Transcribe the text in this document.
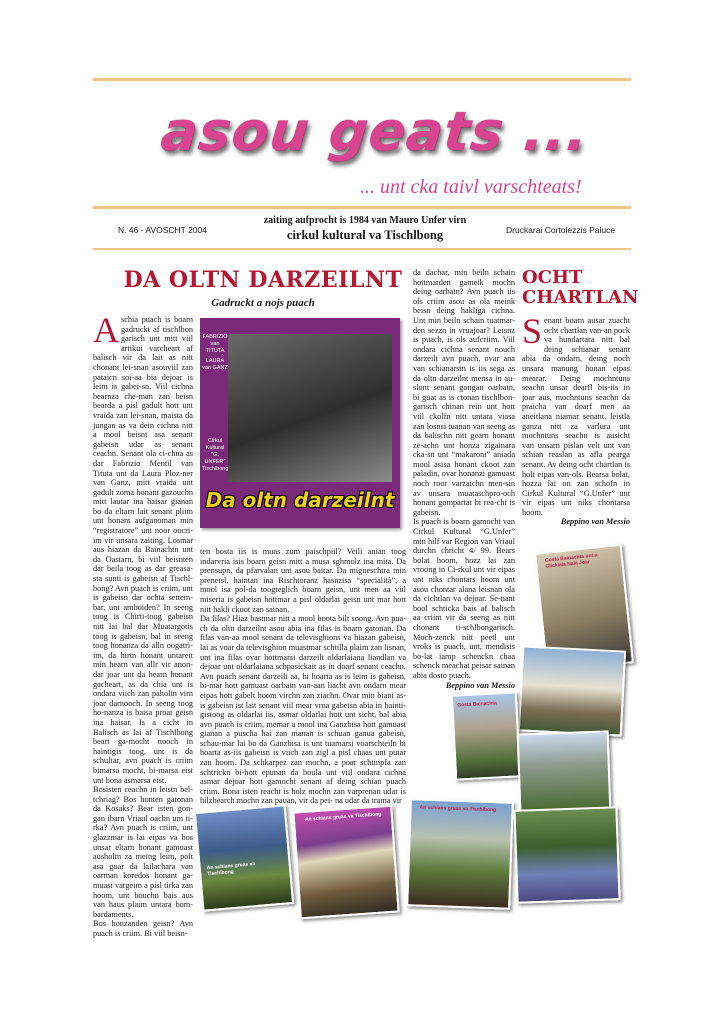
asou geats ...
... unt cka taivl varschteats!
N. 46 - AVOSCHT 2004
zaiting aufprocht is 1984 van Mauro Unfer virn
cirkul kultural va Tischlbong	Druckarai Cortolezzis Paluce
DA OLTN DARZEILNT
Gadruckt a nojs puach
A schia puach is boarn gadruckt af tischlbon garisch unt mitt viil artikui varcheart af balisch vir da lait as nitt chonant lei-snan asouviil zan pataicn soi-aa bia dejoar is leim is gabei-sn. Viil cichna bearnza che-man zan beisn bearda a pisl gadult hott unt vraida zan lei-snan, maista da jungan as va dein cichna nitt a mool beisnt asa senant gabeisn udar as senant ceachn. Senant ola ci-chna as dar Fabrizio Mentil van Tituta unt da Laura Ploz-ner van Ganz, mitt vraida unt gadult zoma honant gazouchn mitt lautar ina haisar gianan bo da eltarn lait senant pliim unt honant aufganoman min “registratore” unt noor oocri-im vir unsara zaiting. Losmar aus hiazan da Bainachtn unt da Oastarn, bi viil beisnten dar beila toog as dar greasa-sta sunti is gabeisn af Tischl-bong? Avn puach is criim, unt is gabeisn dar ochta settem-bar, unt amboiden? In seeng toog is Chirti-toog gabeisn nitt lai bal dar Muatargotis toog is gabeisn, bal in seeng toog honanza da alln oogatri-im, da hirtn honant untareit min hearn van allr vir anon-dar joar unt da hearn honant gacheart, as da chia unt is ondara viich zan paholtn virn joar darnooch. In seeng toog ho-nanza is baisa proat geisn ina haisar. Is a cicht in Balisch as lai af Tischlbong beart ga-mocht nooch in haintigis toog, unt is da schultar, avn puach is criim bimarsa mocht, bi-marsa eist unt bona asmarsa eist.

Bosisten ceachn in leistn bel-tchriag? Bos honten gatonan da Kosaks? Bear isten gon-gan ibarn Vriaul oachn um ti-rka? Avn puach is criim, unt glazzmar is lai eipas va bos unsar eltarn honant gamuast ausholtn za meing leim, polt asa goar da lailachara van oarman koredos honant ga-muast vargeim a pisl tirka zan hoom, unt bouchn bais aus van haus plaim untara bom-bardaments.

Bos honzanden geisn? Avn puach is criim. Bi viil beisn-

FABRIZIO van TITUTA
LAURA van GANZ
Cirkul Kultural "G. UNFER" Tischlbong
Da oltn darzeilnt

ten bosta iis is muas zum paischpiil? Veili anian toog indarvria isis boarn geisn mitt a musa sghmolz ina mita. Da prensupn, da pfarvalan unt asou baitar. Da migneschtra min preneisl, haintan ina Rischtoranz hasnzisa “specialità”, a mool isa pol-da toogteglich boarn geisn, unt men aa viil miseria is gabeisn hottmar a pisl oldarlai geisn unt mar hott nitt hakli ckoot zan sainan.

Da filas? Hiaz bastmar nitt a mool boota bilt soong. Avn pua-ch da oltn darzeilnt asou abia ina filas is boarn gatonan. Da filas van-aa mool senant da televisghions va hiazan gabeisn, lai as voar da televisghion muastmar schtilla plaim zan lisnan, unt ina filas ovar hottmarsi darzeilt oldarlaiana liandlan va dejoar unt oldarlaiana schpasickait as in doarf senant ceachn. Avn puach senant darzeilt aa, bi hoarta as is leim is gabeisn, bi-mar hott gamuast oarbatn van-aan liacht avn ondarn mear eipas hott gabelt hoom virchn zan ziachn. Ovar min biani as-is gabeisn ist lait senant viil mear vroa gabeisn abia in hainti-gistoog as oldarlai iis, asmar oldarlai hott unt sicht, bal abia avn puach is criim, memar a mool ina Ganzbisa hott gamuast gianan a puscha hai zan manan is schuan ganua gabeisn, schau-mar lai bo da Ganzbisa is unt tuamarsi voarschteiln bi hoarta as-iis gabeisn is viich zan zigl a pisl chaas unt putar zan hoom. Da schkarpez zan mochn, a poar schtinpfa zan schtrickn bi-hott epunan da boula unt viil ondara cichna asmar dejoar hott gamocht senant af deing schian puach criim. Bona isten reacht is holz mochn zan varprenan udar is hilzbearch mochn zan pauan, vir da pei- na udar da trama vir

da dachar, min beiln schain hottmarden gameik mochn deing oarbatn? Avn puach iis ols criim asou as ola meink beisn deing hakliga cichna. Unt min beiln schain tuatmar-den sezzn in vruajoar? Leisnz is puach, is ols aufcriim. Viil ondara cichna senant nouch darzeilt avn puach, ovar ana van schianarstn is iis sega as da oltn darzeilnt mensa in au-slont senant gongan oarbatn, bi guat as is ctonan tischlbon-garisch chinan rein unt hott viil ckolfn nitt untara viasa zan losnsi tuanan van seeng as da balischn nitt gearn honant ze-achn unt honza zigainara cka-sn unt “makaroni” aniada mool asisa honant ckoot zan paladin, ovar honanzi gamuast noch roor varzaichn men-sin av unsara muataschpro-och honant gompartat bi rea-cht is gabeisn.

Is puach is boarn gamocht van Cirkul Kultural “G.Unfer” min hilf var Region van Vriaul durchn chricht 4/ 99. Bears bolat hoom, hozz lai zan vroong in Ci-rkul unt vir eipas unt niks chontars hoom unt asou chontar alana leisnan ola da cichtlan va dejoar. Se-nant bool schticka bais af balisch aa criim vir da seeng as nitt chonant ti-schlbongarisch. Moch-zenck nitt peetl unt vroks is puach, unt, mendisis bo-lat iamp schenckn chaa schenck meachat peisar sainan abia dosto puach.

Beppino van Messio

OCHT CHARTLAN
S enant boarn ausar zuacht ocht chartlan van-an pock va hundartara nitt bal deing schianar senant abia da ondarn, deing noch unsara manung honan eipas mearar. Deing mochntuns seachn unsar dearfl bis-iis in joar aus, mochntuns seachn da praicha van doarf men aa aneitlana niamar senant, leistla ganza nitt za varlura unt mochntuns seachn is ausicht van unsarn pislan velt unt van schian reaslan as afla pearga senant. Av deing ocht chartlan is holt eipas van-ols. Bearsa bolat, hozza lai on zan schofn in Cirkul Kultural “G.Unfer” unt vir eipas unt niks chontarsa hoom.

Beppino van Messio

Gosta Bainachta unt a Glicklala Naia Joar
Gosta Bainachta
An schians gruas va Tischlbong
An schians gruas va Tischlbong
An schians gruas va Tischlbong
